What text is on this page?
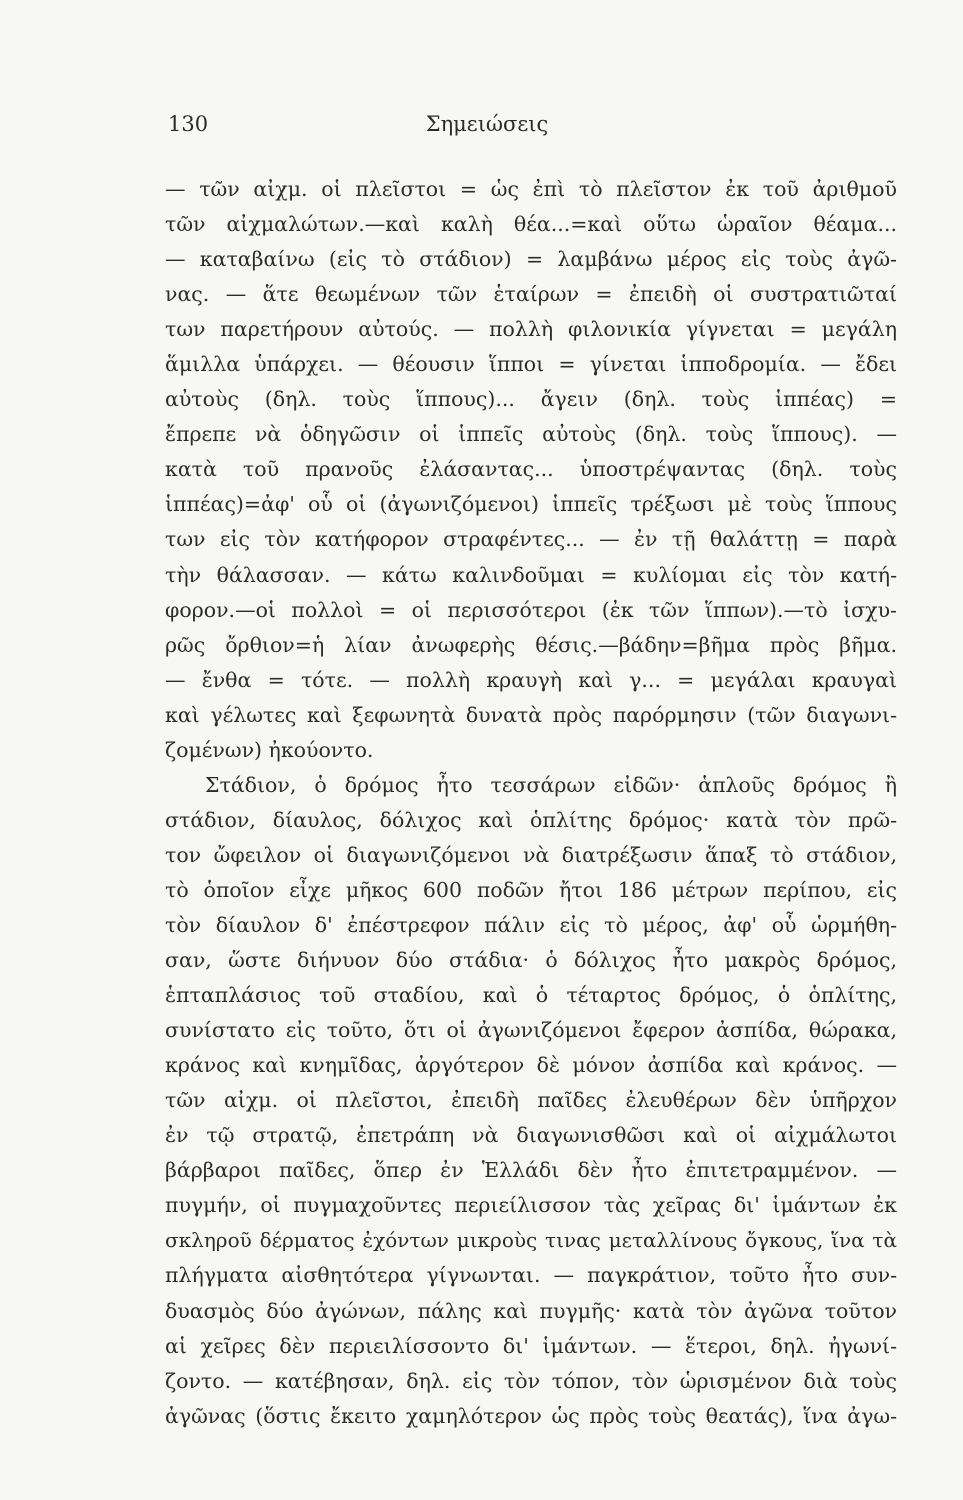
130	Σημειώσεις
— τῶν αἰχμ. οἱ πλεῖστοι = ὡς ἐπὶ τὸ πλεῖστον ἐκ τοῦ ἀριθμοῦ
τῶν αἰχμαλώτων.—καὶ καλὴ θέα...=καὶ οὕτω ὡραῖον θέαμα...
— καταβαίνω (εἰς τὸ στάδιον) = λαμβάνω μέρος εἰς τοὺς ἀγῶ-
νας. — ἅτε θεωμένων τῶν ἑταίρων = ἐπειδὴ οἱ συστρατιῶταί
των παρετήρουν αὐτούς. — πολλὴ φιλονικία γίγνεται = μεγάλη
ἅμιλλα ὑπάρχει. — θέουσιν ἵπποι = γίνεται ἱπποδρομία. — ἔδει
αὐτοὺς (δηλ. τοὺς ἵππους)... ἄγειν (δηλ. τοὺς ἱππέας) =
ἔπρεπε νὰ ὁδηγῶσιν οἱ ἱππεῖς αὐτοὺς (δηλ. τοὺς ἵππους). —
κατὰ τοῦ πρανοῦς ἐλάσαντας... ὑποστρέψαντας (δηλ. τοὺς
ἱππέας)=ἀφ' οὗ οἱ (ἀγωνιζόμενοι) ἱππεῖς τρέξωσι μὲ τοὺς ἵππους
των εἰς τὸν κατήφορον στραφέντες... — ἐν τῇ θαλάττῃ = παρὰ
τὴν θάλασσαν. — κάτω καλινδοῦμαι = κυλίομαι εἰς τὸν κατή-
φορον.—οἱ πολλοὶ = οἱ περισσότεροι (ἐκ τῶν ἵππων).—τὸ ἰσχυ-
ρῶς ὄρθιον=ἡ λίαν ἀνωφερὴς θέσις.—βάδην=βῆμα πρὸς βῆμα.
— ἔνθα = τότε. — πολλὴ κραυγὴ καὶ γ... = μεγάλαι κραυγαὶ
καὶ γέλωτες καὶ ξεφωνητὰ δυνατὰ πρὸς παρόρμησιν (τῶν διαγωνι-
ζομένων) ἠκούοντο.
Στάδιον, ὁ δρόμος ἦτο τεσσάρων εἰδῶν· ἁπλοῦς δρόμος ἢ
στάδιον, δίαυλος, δόλιχος καὶ ὁπλίτης δρόμος· κατὰ τὸν πρῶ-
τον ὤφειλον οἱ διαγωνιζόμενοι νὰ διατρέξωσιν ἅπαξ τὸ στάδιον,
τὸ ὁποῖον εἶχε μῆκος 600 ποδῶν ἤτοι 186 μέτρων περίπου, εἰς
τὸν δίαυλον δ' ἐπέστρεφον πάλιν εἰς τὸ μέρος, ἀφ' οὗ ὡρμήθη-
σαν, ὥστε διήνυον δύο στάδια· ὁ δόλιχος ἦτο μακρὸς δρόμος,
ἑπταπλάσιος τοῦ σταδίου, καὶ ὁ τέταρτος δρόμος, ὁ ὁπλίτης,
συνίστατο εἰς τοῦτο, ὅτι οἱ ἀγωνιζόμενοι ἔφερον ἀσπίδα, θώρακα,
κράνος καὶ κνημῖδας, ἀργότερον δὲ μόνον ἀσπίδα καὶ κράνος. —
τῶν αἰχμ. οἱ πλεῖστοι, ἐπειδὴ παῖδες ἐλευθέρων δὲν ὑπῆρχον
ἐν τῷ στρατῷ, ἐπετράπη νὰ διαγωνισθῶσι καὶ οἱ αἰχμάλωτοι
βάρβαροι παῖδες, ὅπερ ἐν Ἑλλάδι δὲν ἦτο ἐπιτετραμμένον. —
πυγμήν, οἱ πυγμαχοῦντες περιείλισσον τὰς χεῖρας δι' ἱμάντων ἐκ
σκληροῦ δέρματος ἐχόντων μικροὺς τινας μεταλλίνους ὄγκους, ἵνα τὰ
πλήγματα αἰσθητότερα γίγνωνται. — παγκράτιον, τοῦτο ἦτο συν-
δυασμὸς δύο ἀγώνων, πάλης καὶ πυγμῆς· κατὰ τὸν ἀγῶνα τοῦτον
αἱ χεῖρες δὲν περιειλίσσοντο δι' ἱμάντων. — ἕτεροι, δηλ. ἠγωνί-
ζοντο. — κατέβησαν, δηλ. εἰς τὸν τόπον, τὸν ὡρισμένον διὰ τοὺς
ἀγῶνας (ὅστις ἔκειτο χαμηλότερον ὡς πρὸς τοὺς θεατάς), ἵνα ἀγω-
